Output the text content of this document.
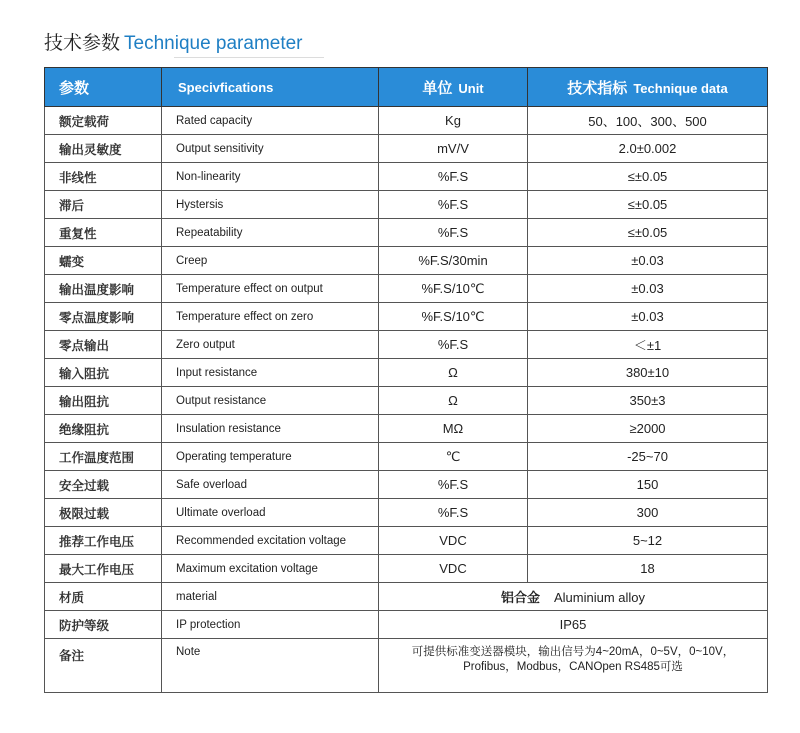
技术参数 Technique parameter
参数	Specivfications	单位 Unit	技术指标 Technique data
额定载荷	Rated capacity	Kg	50、100、300、500
输出灵敏度	Output sensitivity	mV/V	2.0±0.002
非线性	Non-linearity	%F.S	≤±0.05
滞后	Hystersis	%F.S	≤±0.05
重复性	Repeatability	%F.S	≤±0.05
蠕变	Creep	%F.S/30min	±0.03
输出温度影响	Temperature effect on output	%F.S/10℃	±0.03
零点温度影响	Temperature effect on zero	%F.S/10℃	±0.03
零点输出	Zero output	%F.S	＜±1
输入阻抗	Input resistance	Ω	380±10
输出阻抗	Output resistance	Ω	350±3
绝缘阻抗	Insulation resistance	MΩ	≥2000
工作温度范围	Operating temperature	℃	-25~70
安全过载	Safe overload	%F.S	150
极限过载	Ultimate overload	%F.S	300
推荐工作电压	Recommended excitation voltage	VDC	5~12
最大工作电压	Maximum excitation voltage	VDC	18
材质	material	铝合金 Aluminium alloy	
防护等级	IP protection	IP65	
备注	Note	可提供标准变送器模块，输出信号为4~20mA，0~5V，0~10V，
Profibus，Modbus，CANOpen RS485可选	
